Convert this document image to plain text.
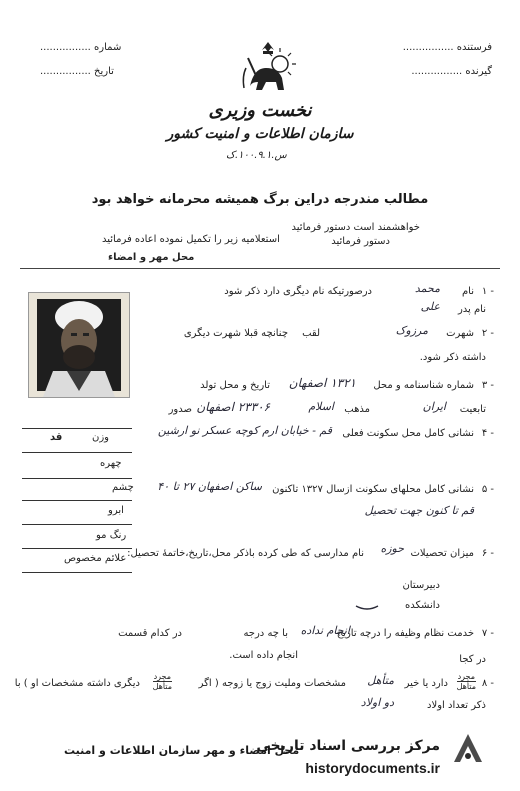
فرستنده ................
گیرنده ................
شماره ................
تاریخ ................
نخست وزیری
سازمان اطلاعات و امنیت کشور
س.۱۰۰.۹.۱.ک
مطالب مندرجه دراین برگ همیشه محرمانه خواهد بود
خواهشمند است دستور فرمائید
دستور فرمائید
استعلامیه زیر را تکمیل نموده اعاده فرمائید
محل مهر و امضاء
قد	وزن
چهره
چشم
ابرو
رنگ مو
علائم مخصوص
۱ -
نام
محمد
درصورتیکه نام دیگری دارد ذکر شود
نام پدر
علی
۲ -
شهرت
مرزوک
لقب
چنانچه قبلا شهرت دیگری
داشته ذکر شود.
۳ -
شماره شناسنامه و محل
۱۳۲۱ اصفهان
تاریخ و محل تولد
تابعیت
ایران
مذهب
اسلام
۲۳۳۰۶ اصفهان
صدور
۴ -
نشانی کامل محل سکونت فعلی
قم - خیابان ارم کوچه عسکر نو ارشین
۵ -
نشانی کامل محلهای سکونت ازسال ۱۳۲۷ تاکنون
ساکن اصفهان ۲۷ تا ۴۰
قم تا کنون جهت تحصیل
۶ -
میزان تحصیلات
حوزه
نام مدارسی که طی کرده باذکر محل،تاریخ،خاتمهٔ تحصیل:
دبیرستان
دانشکده
۷ -
خدمت نظام وظیفه را درچه تاریخ
انجام نداده
با چه درجه
در کدام قسمت
انجام داده است.	در کجا
۸ -
مجرد
متأهل
دارد یا خیر
متأهل
مشخصات وملیت زوج یا زوجه ( اگر
مجرد
متأهل
دیگری داشته مشخصات او ) با
ذکر تعداد اولاد
دو اولاد
محل امضاء و مهر سازمان اطلاعات و امنیت
مرکز بررسی اسناد تاریخی
historydocuments.ir
